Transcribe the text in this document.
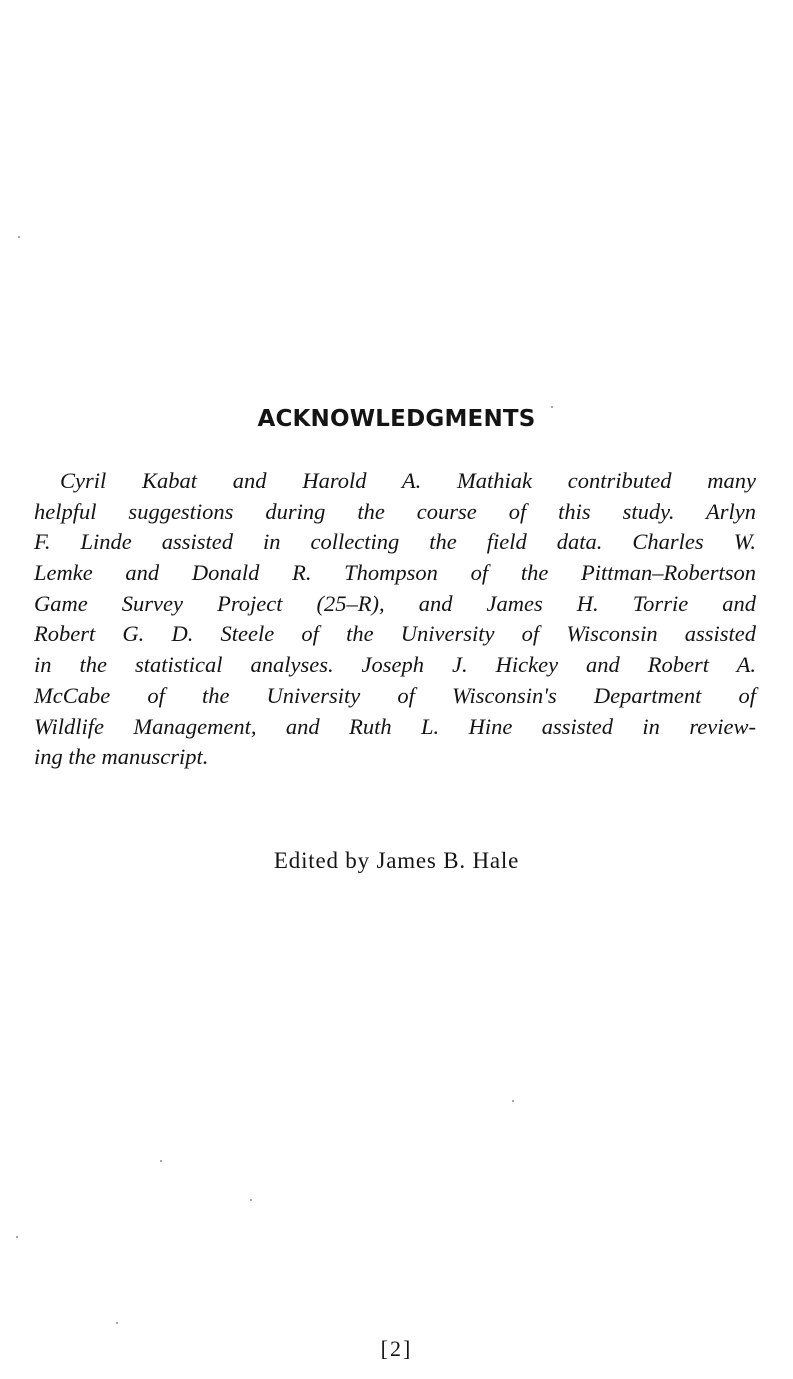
ACKNOWLEDGMENTS
Cyril Kabat and Harold A. Mathiak contributed many
helpful suggestions during the course of this study. Arlyn
F. Linde assisted in collecting the field data. Charles W.
Lemke and Donald R. Thompson of the Pittman–Robertson
Game Survey Project (25–R), and James H. Torrie and
Robert G. D. Steele of the University of Wisconsin assisted
in the statistical analyses. Joseph J. Hickey and Robert A.
McCabe of the University of Wisconsin's Department of
Wildlife Management, and Ruth L. Hine assisted in review-
ing the manuscript.

Edited by James B. Hale

[2]
